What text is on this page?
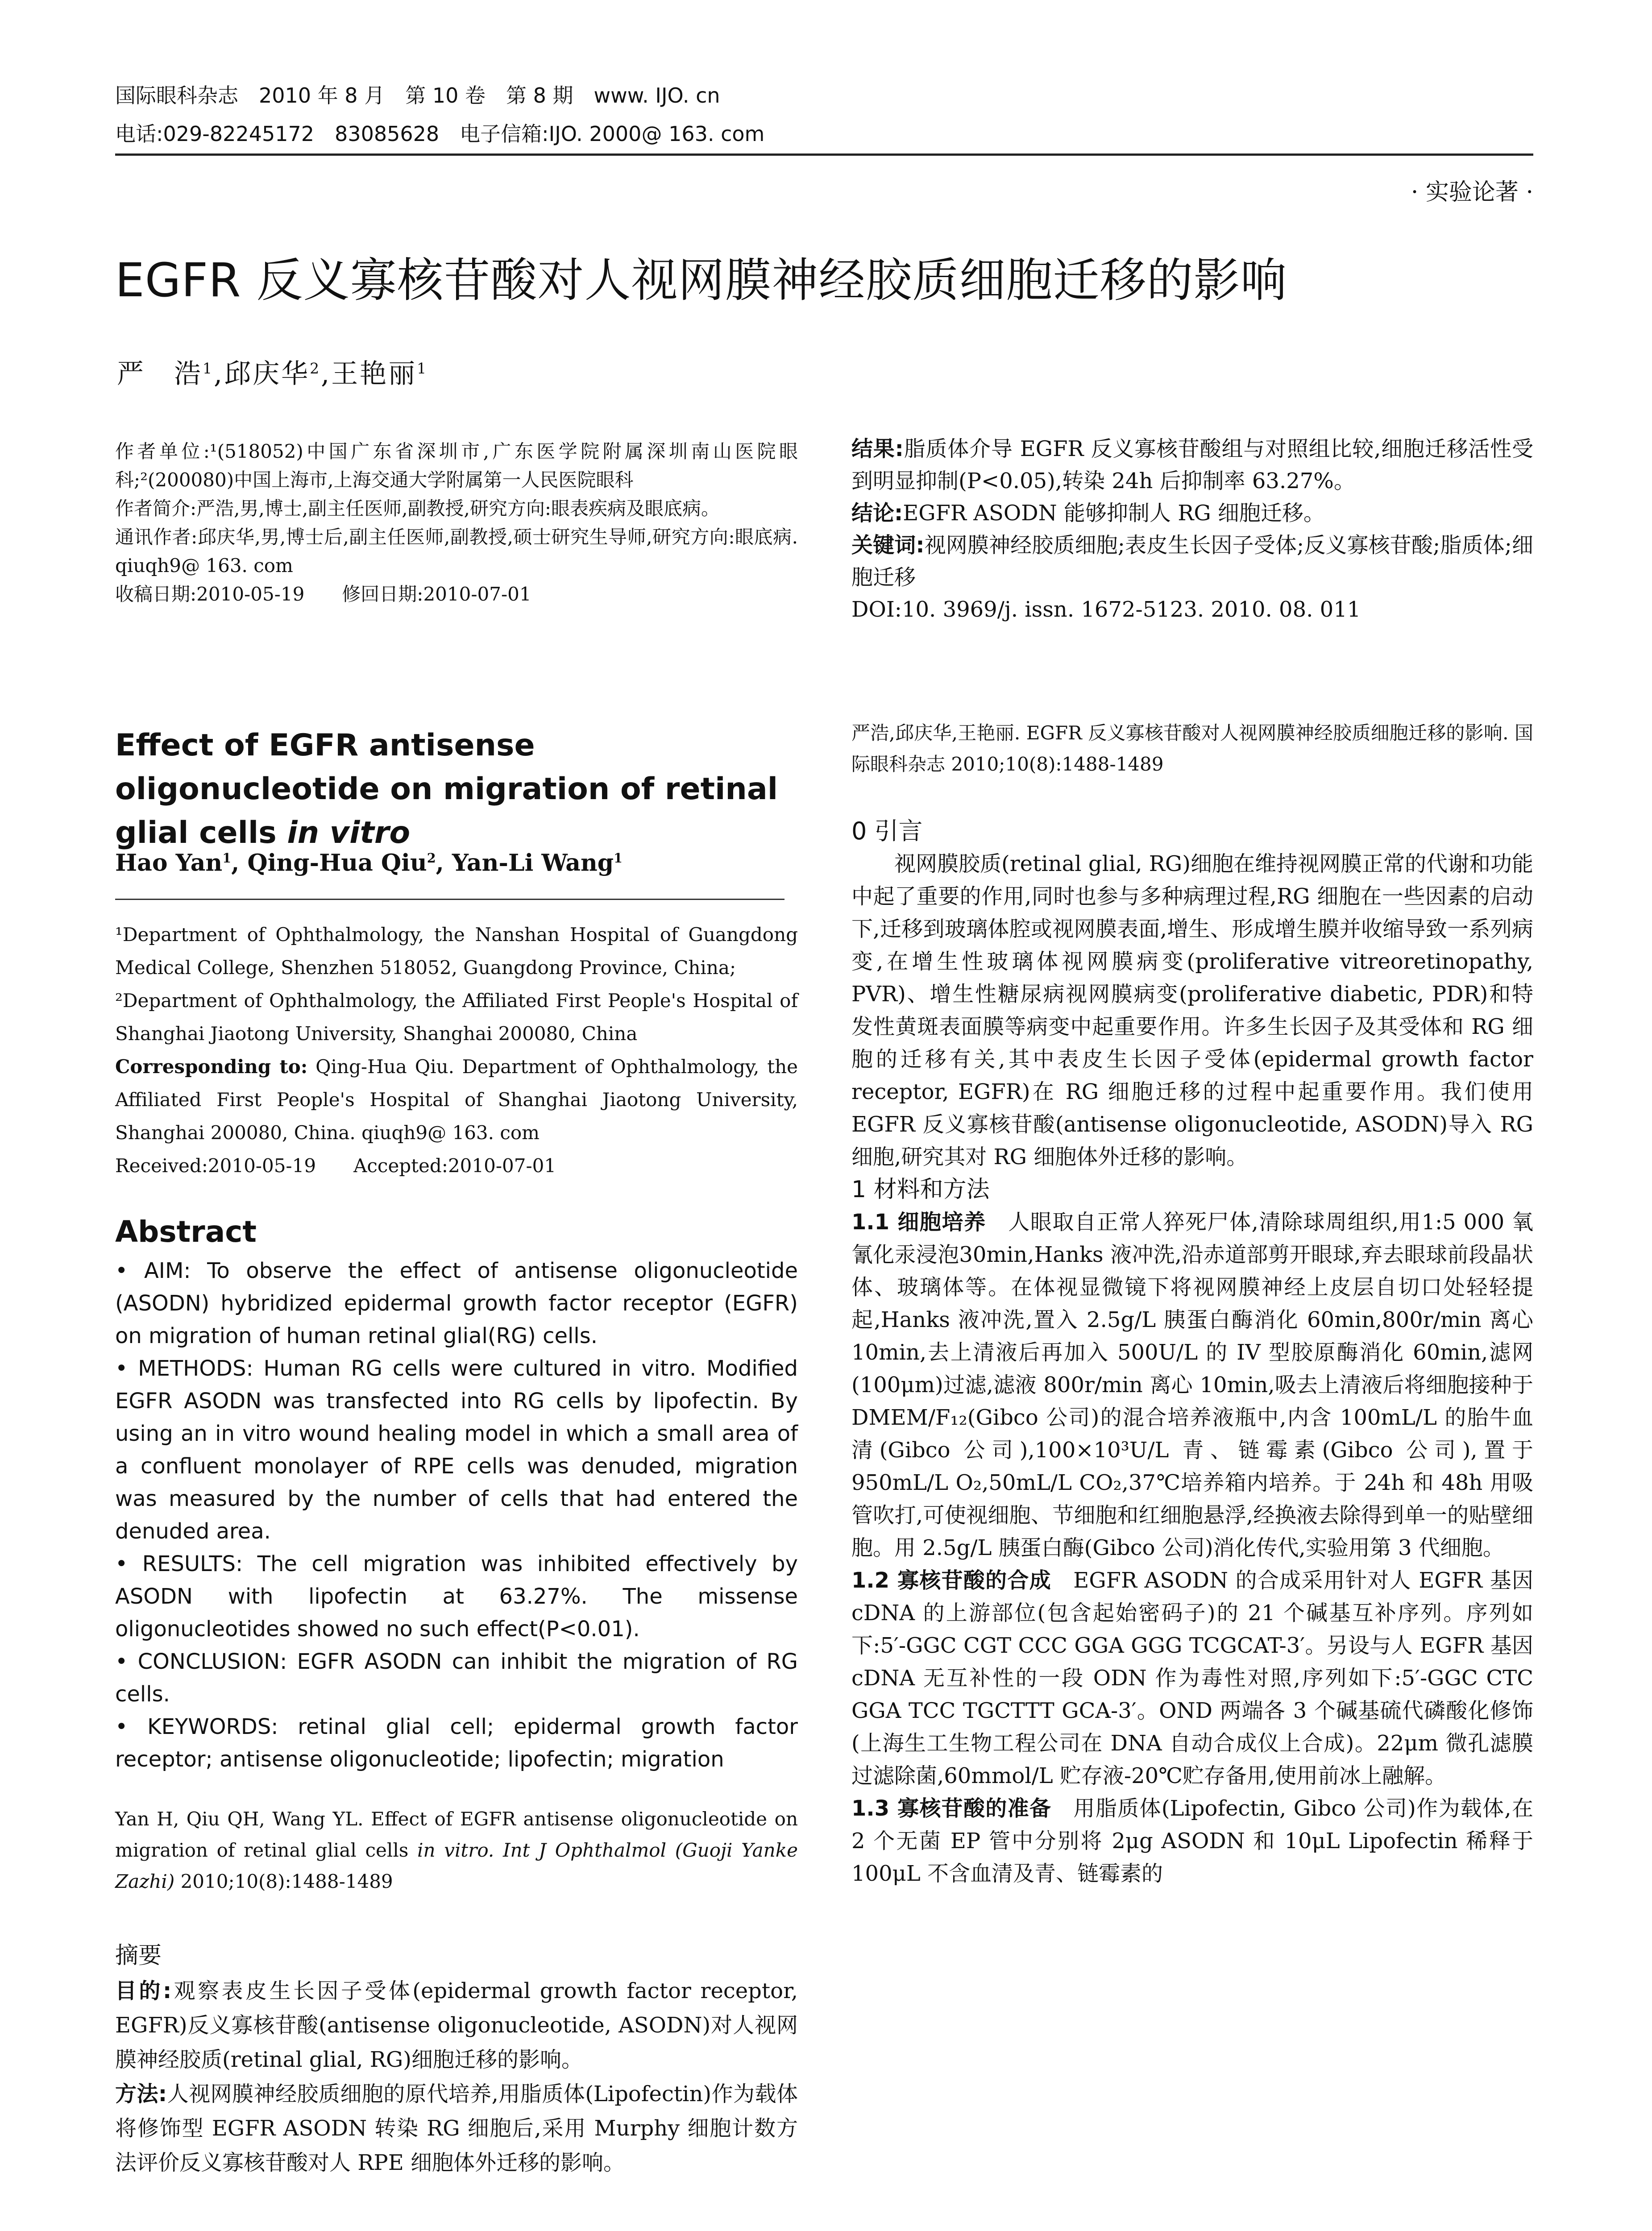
国际眼科杂志　2010 年 8 月　第 10 卷　第 8 期　www. IJO. cn
电话:029-82245172　83085628　电子信箱:IJO. 2000@ 163. com
· 实验论著 ·
EGFR 反义寡核苷酸对人视网膜神经胶质细胞迁移的影响
严　浩$^1$,邱庆华$^2$,王艳丽$^1$

作者单位:¹(518052)中国广东省深圳市,广东医学院附属深圳南山医院眼科;²(200080)中国上海市,上海交通大学附属第一人民医院眼科

作者简介:严浩,男,博士,副主任医师,副教授,研究方向:眼表疾病及眼底病。

通讯作者:邱庆华,男,博士后,副主任医师,副教授,硕士研究生导师,研究方向:眼底病. qiuqh9@ 163. com

收稿日期:2010-05-19　　修回日期:2010-07-01

Effect of EGFR antisense oligonucleotide on migration of retinal glial cells in vitro
Hao Yan$^1$, Qing-Hua Qiu$^2$, Yan-Li Wang$^1$

¹Department of Ophthalmology, the Nanshan Hospital of Guangdong Medical College, Shenzhen 518052, Guangdong Province, China;

²Department of Ophthalmology, the Affiliated First People's Hospital of Shanghai Jiaotong University, Shanghai 200080, China

Corresponding to: Qing-Hua Qiu. Department of Ophthalmology, the Affiliated First People's Hospital of Shanghai Jiaotong University, Shanghai 200080, China. qiuqh9@ 163. com

Received:2010-05-19　　Accepted:2010-07-01

Abstract

• AIM: To observe the effect of antisense oligonucleotide (ASODN) hybridized epidermal growth factor receptor (EGFR) on migration of human retinal glial(RG) cells.

• METHODS: Human RG cells were cultured in vitro. Modified EGFR ASODN was transfected into RG cells by lipofectin. By using an in vitro wound healing model in which a small area of a confluent monolayer of RPE cells was denuded, migration was measured by the number of cells that had entered the denuded area.

• RESULTS: The cell migration was inhibited effectively by ASODN with lipofectin at 63.27%. The missense oligonucleotides showed no such effect(P<0.01).

• CONCLUSION: EGFR ASODN can inhibit the migration of RG cells.

• KEYWORDS: retinal glial cell; epidermal growth factor receptor; antisense oligonucleotide; lipofectin; migration

Yan H, Qiu QH, Wang YL. Effect of EGFR antisense oligonucleotide on migration of retinal glial cells in vitro. Int J Ophthalmol (Guoji Yanke Zazhi) 2010;10(8):1488-1489
摘要

目的:观察表皮生长因子受体(epidermal growth factor receptor, EGFR)反义寡核苷酸(antisense oligonucleotide, ASODN)对人视网膜神经胶质(retinal glial, RG)细胞迁移的影响。

方法:人视网膜神经胶质细胞的原代培养,用脂质体(Lipofectin)作为载体将修饰型 EGFR ASODN 转染 RG 细胞后,采用 Murphy 细胞计数方法评价反义寡核苷酸对人 RPE 细胞体外迁移的影响。

结果:脂质体介导 EGFR 反义寡核苷酸组与对照组比较,细胞迁移活性受到明显抑制(P<0.05),转染 24h 后抑制率 63.27%。

结论:EGFR ASODN 能够抑制人 RG 细胞迁移。

关键词:视网膜神经胶质细胞;表皮生长因子受体;反义寡核苷酸;脂质体;细胞迁移

DOI:10. 3969/j. issn. 1672-5123. 2010. 08. 011

严浩,邱庆华,王艳丽. EGFR 反义寡核苷酸对人视网膜神经胶质细胞迁移的影响. 国际眼科杂志 2010;10(8):1488-1489
0 引言

视网膜胶质(retinal glial, RG)细胞在维持视网膜正常的代谢和功能中起了重要的作用,同时也参与多种病理过程,RG 细胞在一些因素的启动下,迁移到玻璃体腔或视网膜表面,增生、形成增生膜并收缩导致一系列病变,在增生性玻璃体视网膜病变(proliferative vitreoretinopathy, PVR)、增生性糖尿病视网膜病变(proliferative diabetic, PDR)和特发性黄斑表面膜等病变中起重要作用。许多生长因子及其受体和 RG 细胞的迁移有关,其中表皮生长因子受体(epidermal growth factor receptor, EGFR)在 RG 细胞迁移的过程中起重要作用。我们使用 EGFR 反义寡核苷酸(antisense oligonucleotide, ASODN)导入 RG 细胞,研究其对 RG 细胞体外迁移的影响。

1 材料和方法

1.1 细胞培养　人眼取自正常人猝死尸体,清除球周组织,用1:5 000 氧氰化汞浸泡30min,Hanks 液冲洗,沿赤道部剪开眼球,弃去眼球前段晶状体、玻璃体等。在体视显微镜下将视网膜神经上皮层自切口处轻轻提起,Hanks 液冲洗,置入 2.5g/L 胰蛋白酶消化 60min,800r/min 离心 10min,去上清液后再加入 500U/L 的 IV 型胶原酶消化 60min,滤网(100μm)过滤,滤液 800r/min 离心 10min,吸去上清液后将细胞接种于 DMEM/F₁₂(Gibco 公司)的混合培养液瓶中,内含 100mL/L 的胎牛血清(Gibco 公司),100×10³U/L 青、链霉素(Gibco 公司),置于 950mL/L O₂,50mL/L CO₂,37℃培养箱内培养。于 24h 和 48h 用吸管吹打,可使视细胞、节细胞和红细胞悬浮,经换液去除得到单一的贴壁细胞。用 2.5g/L 胰蛋白酶(Gibco 公司)消化传代,实验用第 3 代细胞。

1.2 寡核苷酸的合成　EGFR ASODN 的合成采用针对人 EGFR 基因 cDNA 的上游部位(包含起始密码子)的 21 个碱基互补序列。序列如下:5′-GGC CGT CCC GGA GGG TCGCAT-3′。另设与人 EGFR 基因 cDNA 无互补性的一段 ODN 作为毒性对照,序列如下:5′-GGC CTC GGA TCC TGCTTT GCA-3′。OND 两端各 3 个碱基硫代磷酸化修饰(上海生工生物工程公司在 DNA 自动合成仪上合成)。22μm 微孔滤膜过滤除菌,60mmol/L 贮存液-20℃贮存备用,使用前冰上融解。

1.3 寡核苷酸的准备　用脂质体(Lipofectin, Gibco 公司)作为载体,在 2 个无菌 EP 管中分别将 2μg ASODN 和 10μL Lipofectin 稀释于 100μL 不含血清及青、链霉素的
